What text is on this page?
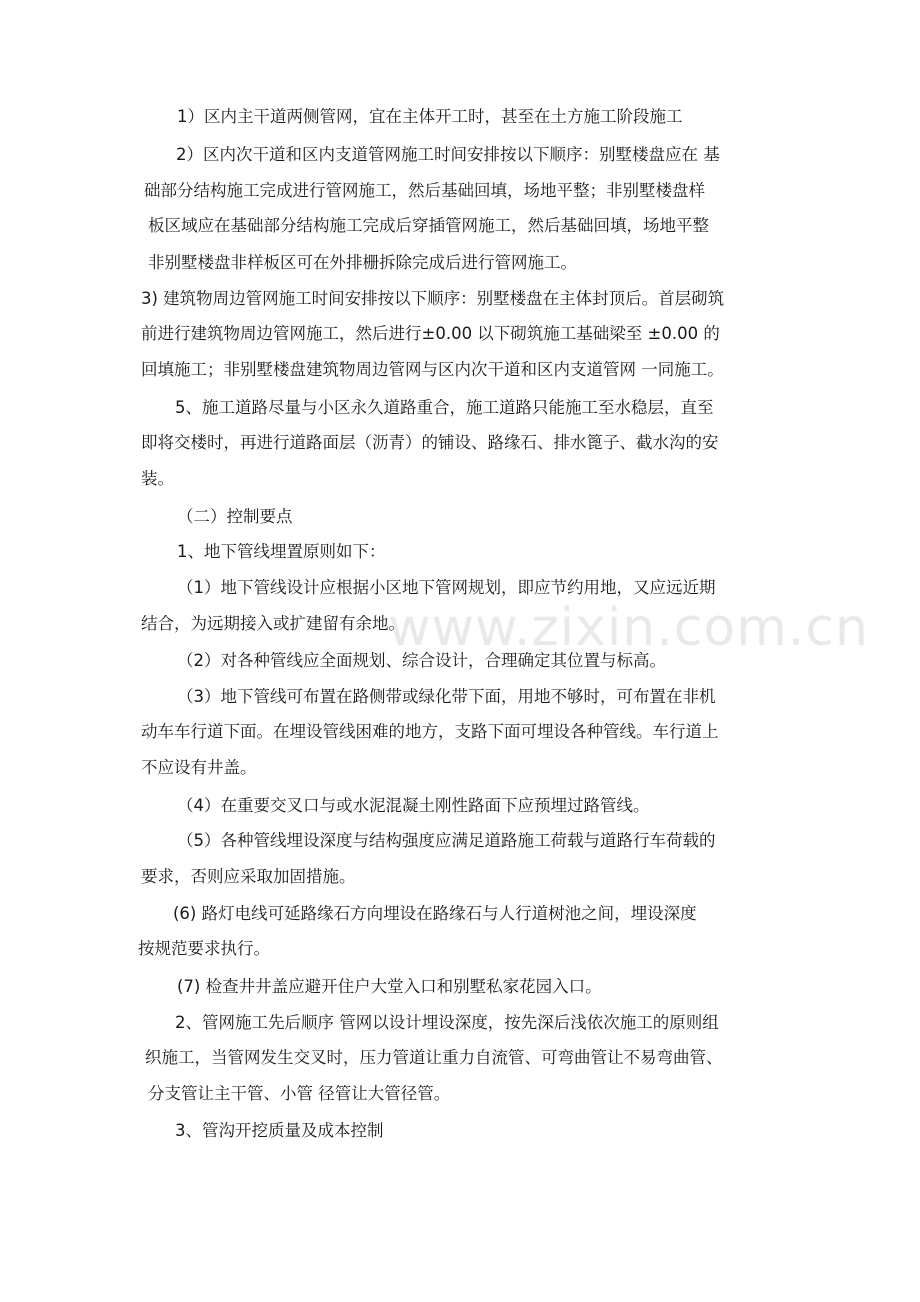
www.zixin.com.cn

1）区内主干道两侧管网，宜在主体开工时，甚至在土方施工阶段施工

2）区内次干道和区内支道管网施工时间安排按以下顺序：别墅楼盘应在 基

础部分结构施工完成进行管网施工，然后基础回填，场地平整；非别墅楼盘样

板区域应在基础部分结构施工完成后穿插管网施工，然后基础回填，场地平整

非别墅楼盘非样板区可在外排栅拆除完成后进行管网施工。

3) 建筑物周边管网施工时间安排按以下顺序：别墅楼盘在主体封顶后。首层砌筑

前进行建筑物周边管网施工，然后进行±0.00 以下砌筑施工基础梁至 ±0.00 的

回填施工；非别墅楼盘建筑物周边管网与区内次干道和区内支道管网 一同施工。

5、施工道路尽量与小区永久道路重合，施工道路只能施工至水稳层，直至

即将交楼时，再进行道路面层（沥青）的铺设、路缘石、排水篦子、截水沟的安

装。

（二）控制要点

1、地下管线埋置原则如下：

（1）地下管线设计应根据小区地下管网规划，即应节约用地，又应远近期

结合，为远期接入或扩建留有余地。

（2）对各种管线应全面规划、综合设计，合理确定其位置与标高。

（3）地下管线可布置在路侧带或绿化带下面，用地不够时，可布置在非机

动车车行道下面。在埋设管线困难的地方，支路下面可埋设各种管线。车行道上

不应设有井盖。

（4）在重要交叉口与或水泥混凝土刚性路面下应预埋过路管线。

（5）各种管线埋设深度与结构强度应满足道路施工荷载与道路行车荷载的

要求，否则应采取加固措施。

(6) 路灯电线可延路缘石方向埋设在路缘石与人行道树池之间，埋设深度

按规范要求执行。

(7) 检查井井盖应避开住户大堂入口和别墅私家花园入口。

2、管网施工先后顺序 管网以设计埋设深度，按先深后浅依次施工的原则组

织施工，当管网发生交叉时，压力管道让重力自流管、可弯曲管让不易弯曲管、

分支管让主干管、小管 径管让大管径管。

3、管沟开挖质量及成本控制
